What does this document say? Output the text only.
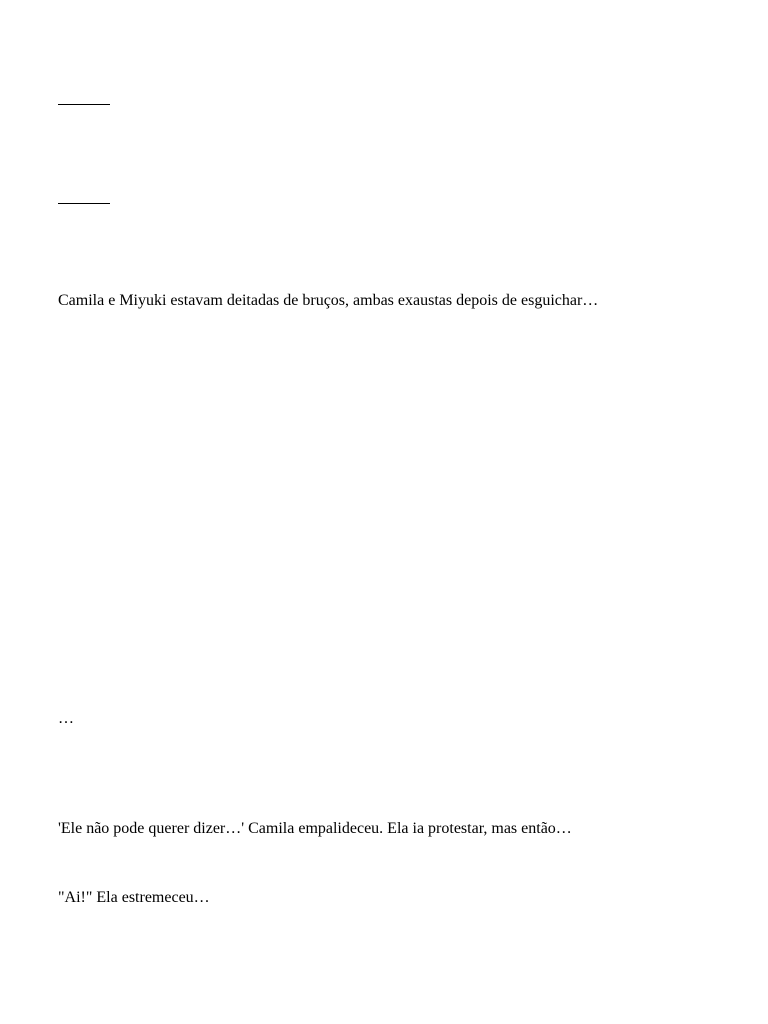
Camila e Miyuki estavam deitadas de bruços, ambas exaustas depois de esguichar…

…

'Ele não pode querer dizer…' Camila empalideceu. Ela ia protestar, mas então…

"Ai!" Ela estremeceu…
